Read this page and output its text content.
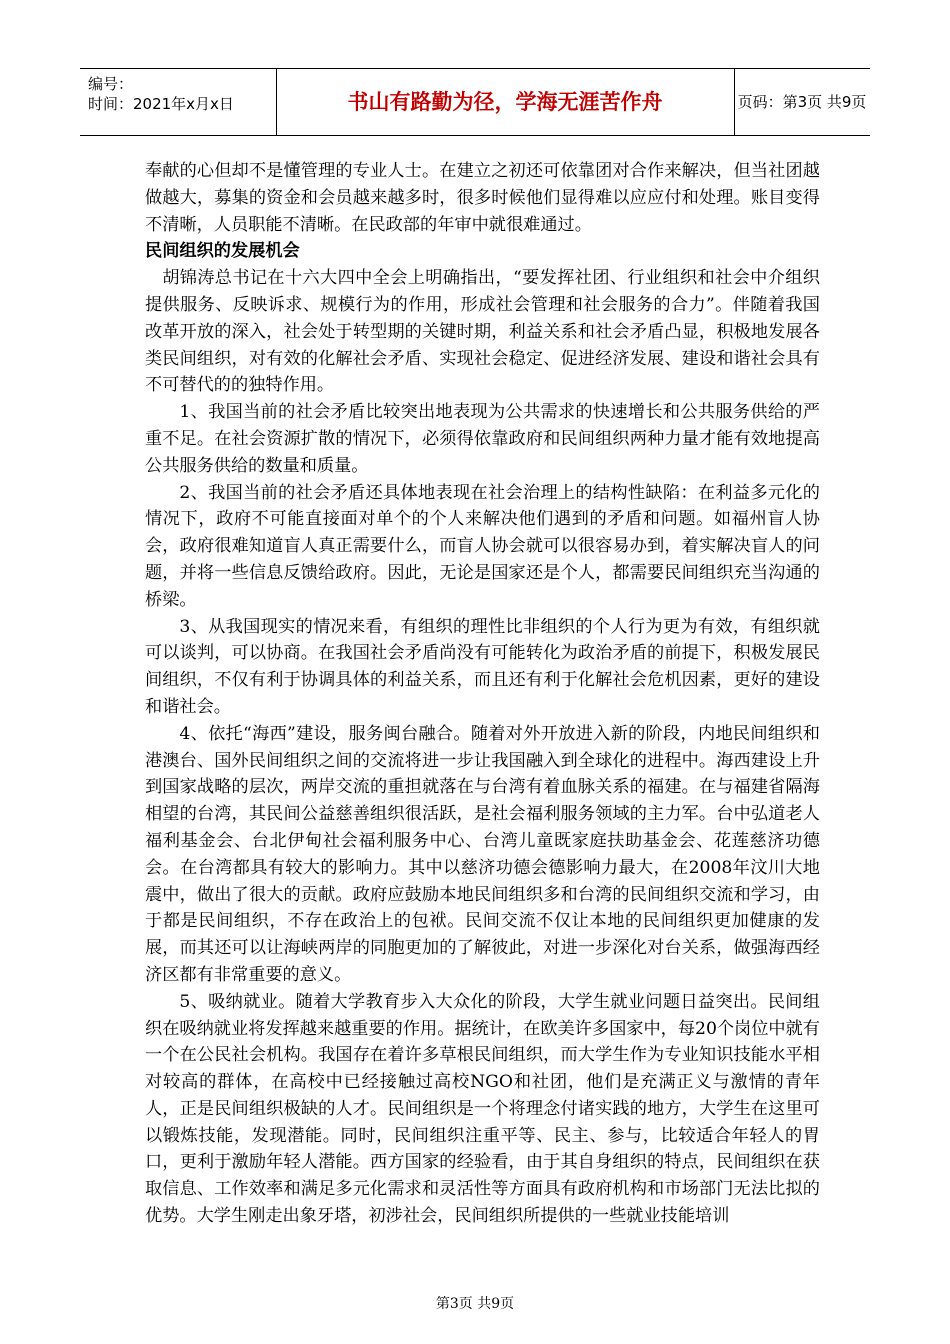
编号：
时间：2021年x月x日	书山有路勤为径，学海无涯苦作舟	页码：第3页 共9页

奉献的心但却不是懂管理的专业人士。在建立之初还可依靠团对合作来解决，但当社团越做越大，募集的资金和会员越来越多时，很多时候他们显得难以应应付和处理。账目变得不清晰，人员职能不清晰。在民政部的年审中就很难通过。

民间组织的发展机会

胡锦涛总书记在十六大四中全会上明确指出，“要发挥社团、行业组织和社会中介组织提供服务、反映诉求、规模行为的作用，形成社会管理和社会服务的合力”。伴随着我国改革开放的深入，社会处于转型期的关键时期，利益关系和社会矛盾凸显，积极地发展各类民间组织，对有效的化解社会矛盾、实现社会稳定、促进经济发展、建设和谐社会具有不可替代的的独特作用。

1、我国当前的社会矛盾比较突出地表现为公共需求的快速增长和公共服务供给的严重不足。在社会资源扩散的情况下，必须得依靠政府和民间组织两种力量才能有效地提高公共服务供给的数量和质量。

2、我国当前的社会矛盾还具体地表现在社会治理上的结构性缺陷：在利益多元化的情况下，政府不可能直接面对单个的个人来解决他们遇到的矛盾和问题。如福州盲人协会，政府很难知道盲人真正需要什么，而盲人协会就可以很容易办到，着实解决盲人的问题，并将一些信息反馈给政府。因此，无论是国家还是个人，都需要民间组织充当沟通的桥梁。

3、从我国现实的情况来看，有组织的理性比非组织的个人行为更为有效，有组织就可以谈判，可以协商。在我国社会矛盾尚没有可能转化为政治矛盾的前提下，积极发展民间组织，不仅有利于协调具体的利益关系，而且还有利于化解社会危机因素，更好的建设和谐社会。

4、依托“海西”建设，服务闽台融合。随着对外开放进入新的阶段，内地民间组织和港澳台、国外民间组织之间的交流将进一步让我国融入到全球化的进程中。海西建设上升到国家战略的层次，两岸交流的重担就落在与台湾有着血脉关系的福建。在与福建省隔海相望的台湾，其民间公益慈善组织很活跃，是社会福利服务领域的主力军。台中弘道老人福利基金会、台北伊甸社会福利服务中心、台湾儿童既家庭扶助基金会、花莲慈济功德会。在台湾都具有较大的影响力。其中以慈济功德会德影响力最大，在2008年汶川大地震中，做出了很大的贡献。政府应鼓励本地民间组织多和台湾的民间组织交流和学习，由于都是民间组织，不存在政治上的包袱。民间交流不仅让本地的民间组织更加健康的发展，而其还可以让海峡两岸的同胞更加的了解彼此，对进一步深化对台关系，做强海西经济区都有非常重要的意义。

5、吸纳就业。随着大学教育步入大众化的阶段，大学生就业问题日益突出。民间组织在吸纳就业将发挥越来越重要的作用。据统计，在欧美许多国家中，每20个岗位中就有一个在公民社会机构。我国存在着许多草根民间组织，而大学生作为专业知识技能水平相对较高的群体，在高校中已经接触过高校NGO和社团，他们是充满正义与激情的青年人，正是民间组织极缺的人才。民间组织是一个将理念付诸实践的地方，大学生在这里可以锻炼技能，发现潜能。同时，民间组织注重平等、民主、参与，比较适合年轻人的胃口，更利于激励年轻人潜能。西方国家的经验看，由于其自身组织的特点，民间组织在获取信息、工作效率和满足多元化需求和灵活性等方面具有政府机构和市场部门无法比拟的优势。大学生刚走出象牙塔，初涉社会，民间组织所提供的一些就业技能培训

第3页 共9页
